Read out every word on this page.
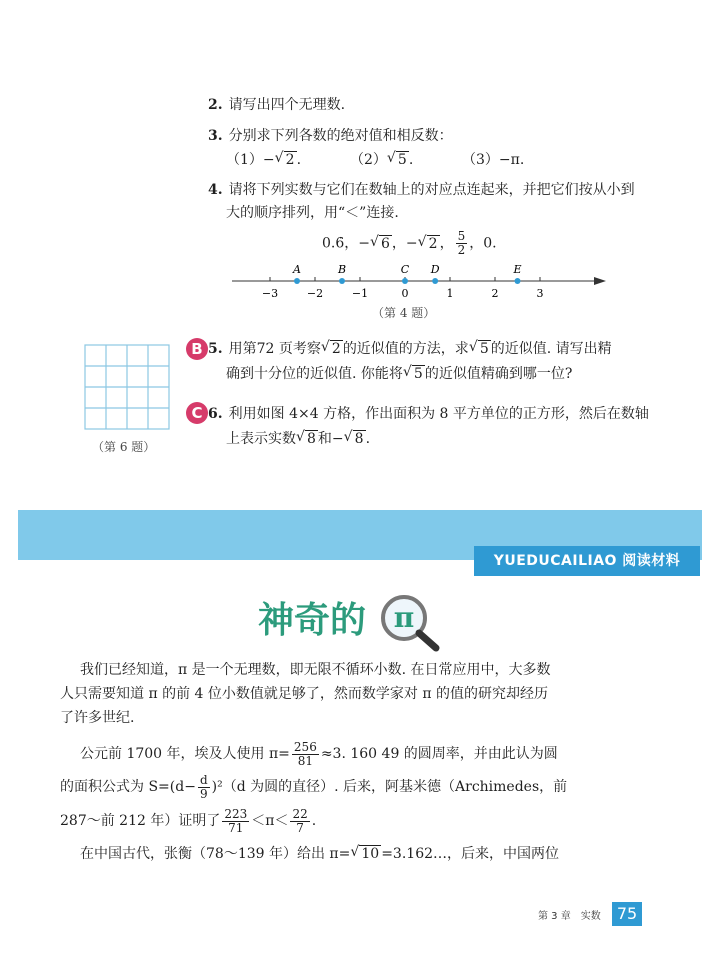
2. 请写出四个无理数.
3. 分别求下列各数的绝对值和相反数：
（1）− √ 2 .	（2） √ 5 .	（3）−π.
4. 请将下列实数与它们在数轴上的对应点连起来，并把它们按从小到
大的顺序排列，用“＜”连接.
0.6̇，− √ 6 ，− √ 2 ， $\frac{5}{2}$ ，0.
−3	−2	−1	0	1	2	3
A	B	C D	E
（第 4 题）
B 5. 用第72 页考察 √ 2 的近似值的方法，求 √ 5 的近似值. 请写出精
确到十分位的近似值. 你能将 √ 5 的近似值精确到哪一位?
C 6. 利用如图 4×4 方格，作出面积为 8 平方单位的正方形，然后在数轴
上表示实数 √ 8 和− √ 8 .
（第 6 题）
YUEDUCAILIAO 阅读材料
神奇的 π
我们已经知道，π 是一个无理数，即无限不循环小数. 在日常应用中，大多数
人只需要知道 π 的前 4 位小数值就足够了，然而数学家对 π 的值的研究却经历
了许多世纪.
公元前 1700 年，埃及人使用 $\pi= \frac{256}{81} \approx 3$. 160 49 的圆周率，并由此认为圆
的面积公式为 $S=(d- \frac{d}{9} )^2(d$ 为圆的直径）. 后来，阿基米德（Archimedes，前
287～前 212 年）证明了 $\frac{223}{71} <\pi< \frac{22}{7}$ .
在中国古代，张衡（78～139 年）给出 π= √ 10 =3.162…，后来，中国两位
第 3 章　实数	75
